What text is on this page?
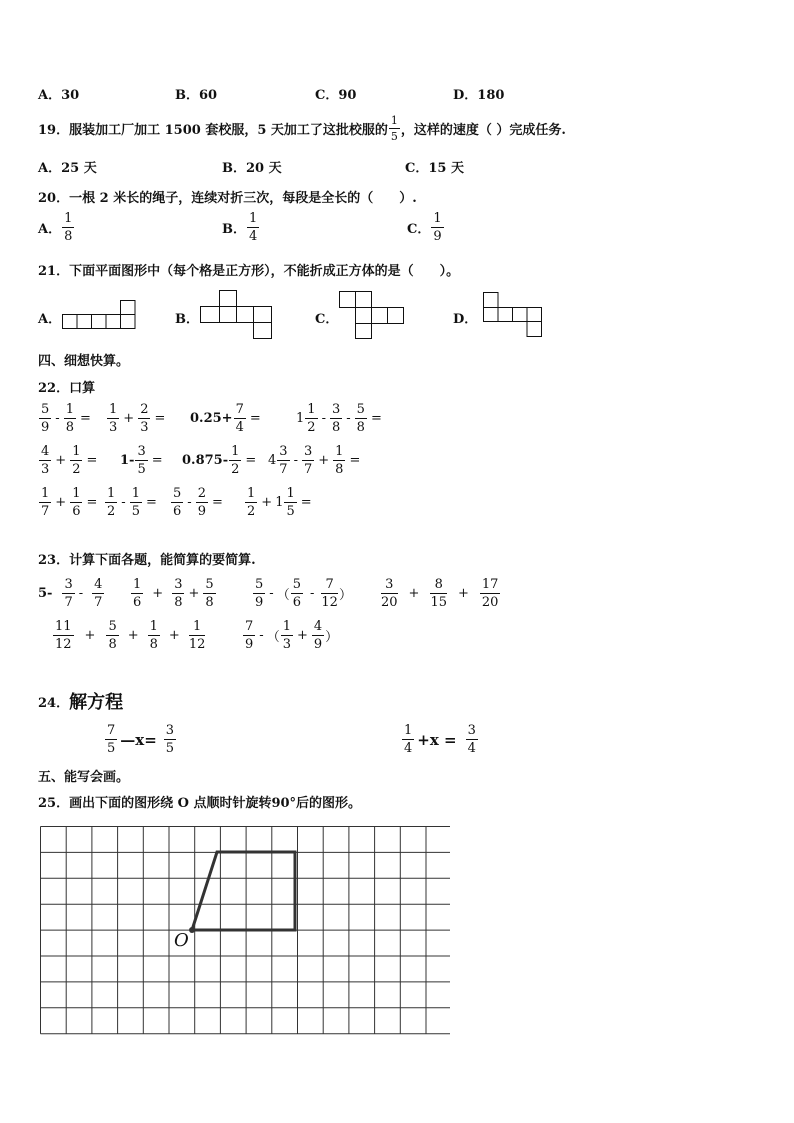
A．30	B．60	C．90	D．180
19．服装加工厂加工 1500 套校服，5 天加工了这批校服的 $\frac{1}{5}$ ，这样的速度（ ）完成任务.
A．25 天	B．20 天	C．15 天
20．一根 2 米长的绳子，连续对折三次，每段是全长的（　　）.
A． $\frac{1}{8}$	B． $\frac{1}{4}$	C． $\frac{1}{9}$
21．下面平面图形中（每个格是正方形），不能折成正方体的是（　　）。
A．	B．	C．	D．
四、细想快算。
22．口算
$\frac{5}{9} - \frac{1}{8} = \frac{1}{3} + \frac{2}{3} = 0.25+ \frac{7}{4}$ =	$1 \frac{1}{2} - \frac{3}{8} - \frac{5}{8}$ =
$\frac{4}{3} + \frac{1}{2} = 1- \frac{3}{5} = 0.875- \frac{1}{2} = 4 \frac{3}{7} - \frac{3}{7} + \frac{1}{8}$ =
$\frac{1}{7} + \frac{1}{6} = \frac{1}{2} - \frac{1}{5} = \frac{5}{6} - \frac{2}{9} = \frac{1}{2} + 1 \frac{1}{5}$ =
23．计算下面各题，能简算的要简算.
$5- \frac{3}{7} - \frac{4}{7} \frac{1}{6} + \frac{3}{8} + \frac{5}{8}$	$\frac{5}{9}$ - （ $\frac{5}{6} - \frac{7}{12}$ ） $\frac{3}{20} + \frac{8}{15} + \frac{17}{20}$
$\frac{11}{12} + \frac{5}{8} + \frac{1}{8} + \frac{1}{12}$	$\frac{7}{9}$ - （ $\frac{1}{3} + \frac{4}{9}$ ）
24． 解方程
$\frac{7}{5}$ —x= $\frac{3}{5}$	$\frac{1}{4} +x = \frac{3}{4}$
五、能写会画。
25．画出下面的图形绕 O 点顺时针旋转90°后的图形。
O
